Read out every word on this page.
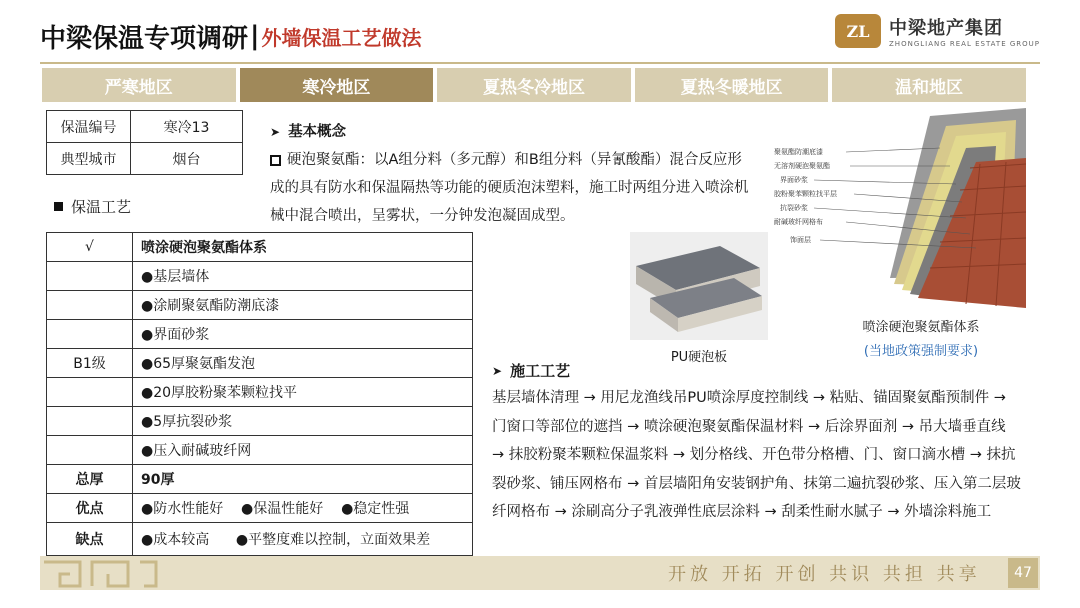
中梁保温专项调研 | 外墙保温工艺做法	ZL	中梁地产集团
ZHONGLIANG REAL ESTATE GROUP
严寒地区	寒冷地区	夏热冬冷地区	夏热冬暖地区	温和地区
保温编号	寒冷13
典型城市	烟台
保温工艺
√	喷涂硬泡聚氨酯体系
	●基层墙体
	●涂刷聚氨酯防潮底漆
	●界面砂浆
B1级	●65厚聚氨酯发泡
	●20厚胶粉聚苯颗粒找平
	●5厚抗裂砂浆
	●压入耐碱玻纤网
总厚	90厚
优点	●防水性能好 ●保温性能好 ●稳定性强
缺点	●成本较高 ●平整度难以控制，立面效果差
➤ 基本概念
硬泡聚氨酯：以A组分料（多元醇）和B组分料（异氰酸酯）混合反应形成的具有防水和保温隔热等功能的硬质泡沫塑料，施工时两组分进入喷涂机械中混合喷出，呈雾状，一分钟发泡凝固成型。
PU硬泡板
聚氨酯防潮底漆
无溶剂硬泡聚氨酯
界面砂浆
胶粉聚苯颗粒找平层
抗裂砂浆
耐碱玻纤网格布
饰面层
喷涂硬泡聚氨酯体系
(当地政策强制要求)
➤ 施工工艺
基层墙体清理 → 用尼龙渔线吊PU喷涂厚度控制线 → 粘贴、锚固聚氨酯预制件 → 门窗口等部位的遮挡 → 喷涂硬泡聚氨酯保温材料 → 后涂界面剂 → 吊大墙垂直线 → 抹胶粉聚苯颗粒保温浆料 → 划分格线、开色带分格槽、门、窗口滴水槽 → 抹抗裂砂浆、铺压网格布 → 首层墙阳角安装钢护角、抹第二遍抗裂砂浆、压入第二层玻纤网格布 → 涂刷高分子乳液弹性底层涂料 → 刮柔性耐水腻子 → 外墙涂料施工
开放 开拓 开创 共识 共担 共享	47
